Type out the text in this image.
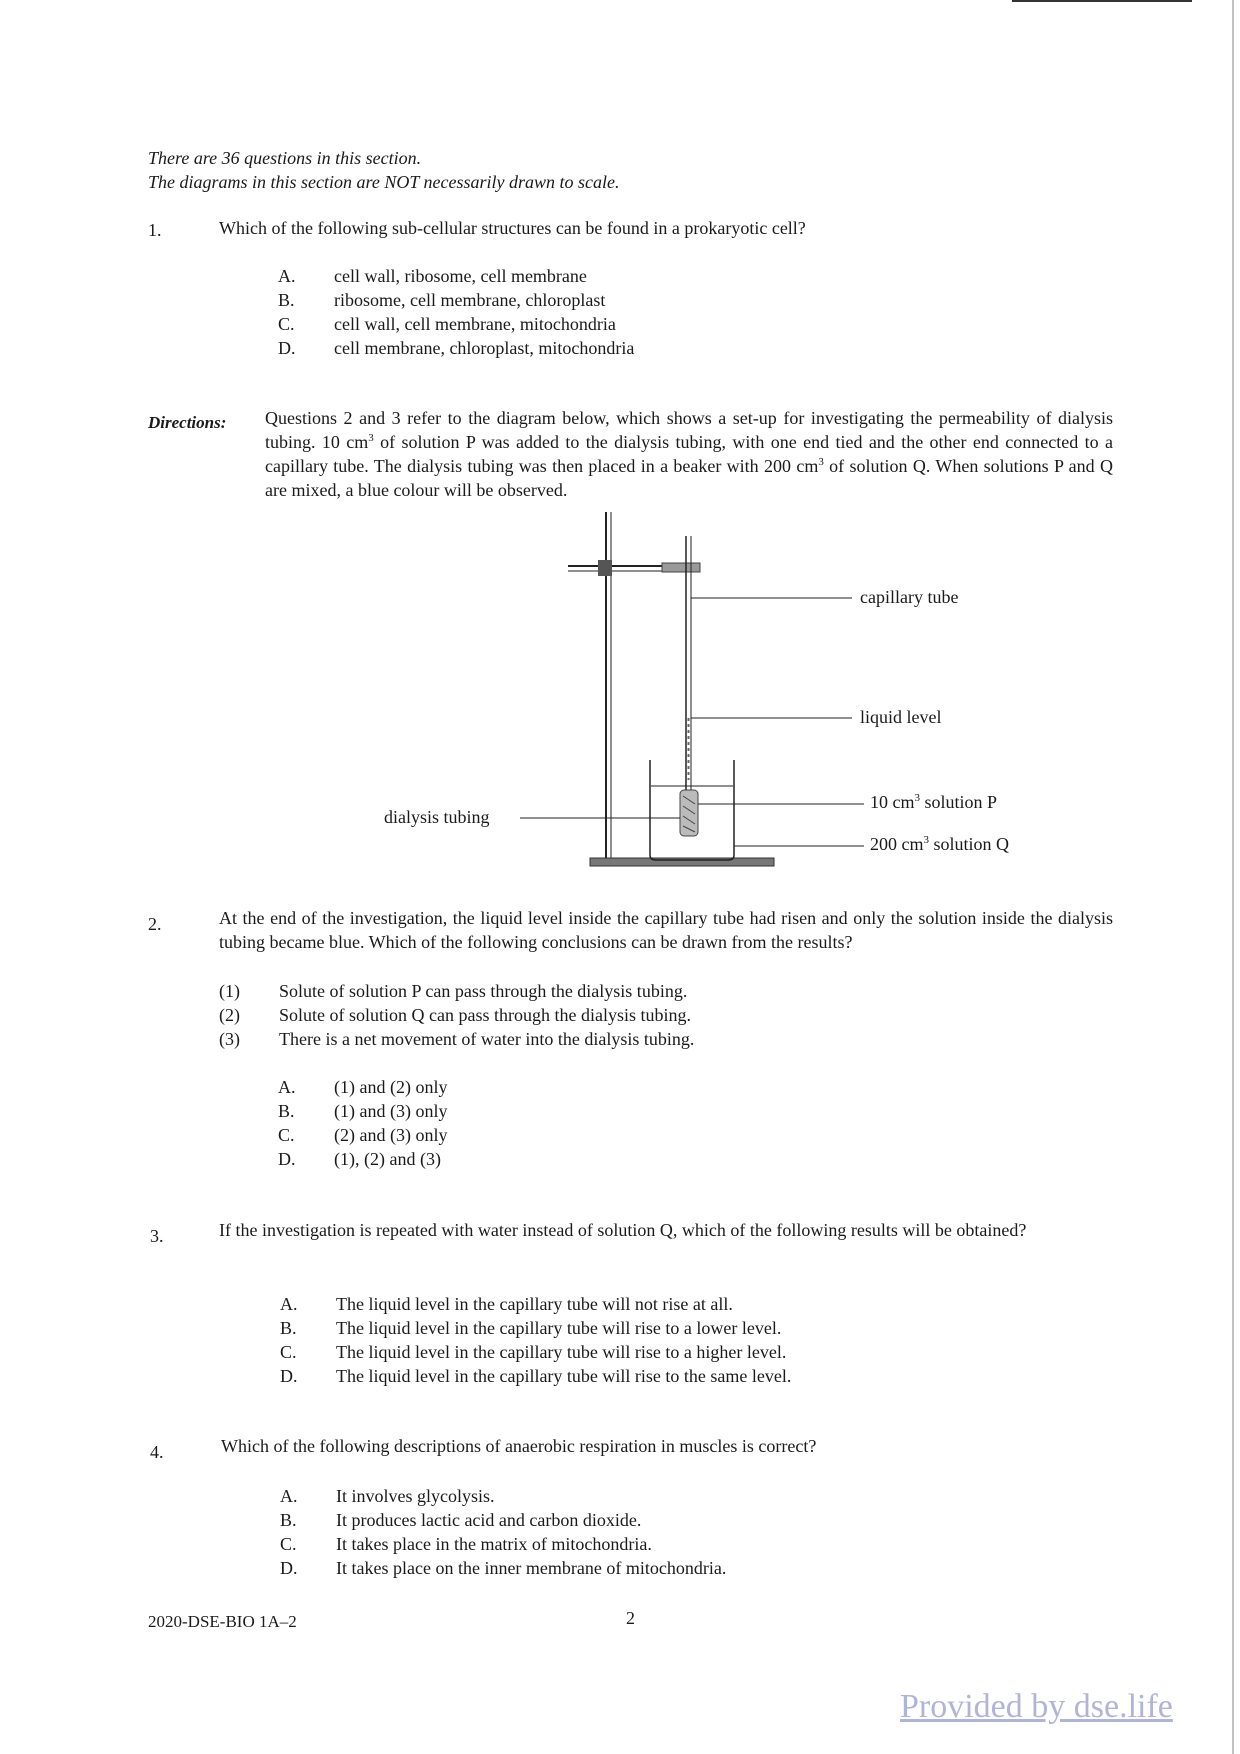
There are 36 questions in this section.
The diagrams in this section are NOT necessarily drawn to scale.
1.	Which of the following sub-cellular structures can be found in a prokaryotic cell?
A.	cell wall, ribosome, cell membrane
B.	ribosome, cell membrane, chloroplast
C.	cell wall, cell membrane, mitochondria
D.	cell membrane, chloroplast, mitochondria
Directions: Questions 2 and 3 refer to the diagram below, which shows a set-up for investigating the permeability of dialysis tubing. 10 $cm^3$ of solution P was added to the dialysis tubing, with one end tied and the other end connected to a capillary tube. The dialysis tubing was then placed in a beaker with 200 $cm^3$ of solution Q. When solutions P and Q are mixed, a blue colour will be observed.
capillary tube
liquid level
10 $cm^3$ solution P
200 $cm^3$ solution Q
dialysis tubing
2.	At the end of the investigation, the liquid level inside the capillary tube had risen and only the solution inside the dialysis tubing became blue. Which of the following conclusions can be drawn from the results?
(1)	Solute of solution P can pass through the dialysis tubing.
(2)	Solute of solution Q can pass through the dialysis tubing.
(3)	There is a net movement of water into the dialysis tubing.
A.	(1) and (2) only
B.	(1) and (3) only
C.	(2) and (3) only
D.	(1), (2) and (3)
3.	If the investigation is repeated with water instead of solution Q, which of the following results will be obtained?
A.	The liquid level in the capillary tube will not rise at all.
B.	The liquid level in the capillary tube will rise to a lower level.
C.	The liquid level in the capillary tube will rise to a higher level.
D.	The liquid level in the capillary tube will rise to the same level.
4.	Which of the following descriptions of anaerobic respiration in muscles is correct?
A.	It involves glycolysis.
B.	It produces lactic acid and carbon dioxide.
C.	It takes place in the matrix of mitochondria.
D.	It takes place on the inner membrane of mitochondria.
2020-DSE-BIO 1A–2	2
Provided by dse.life
